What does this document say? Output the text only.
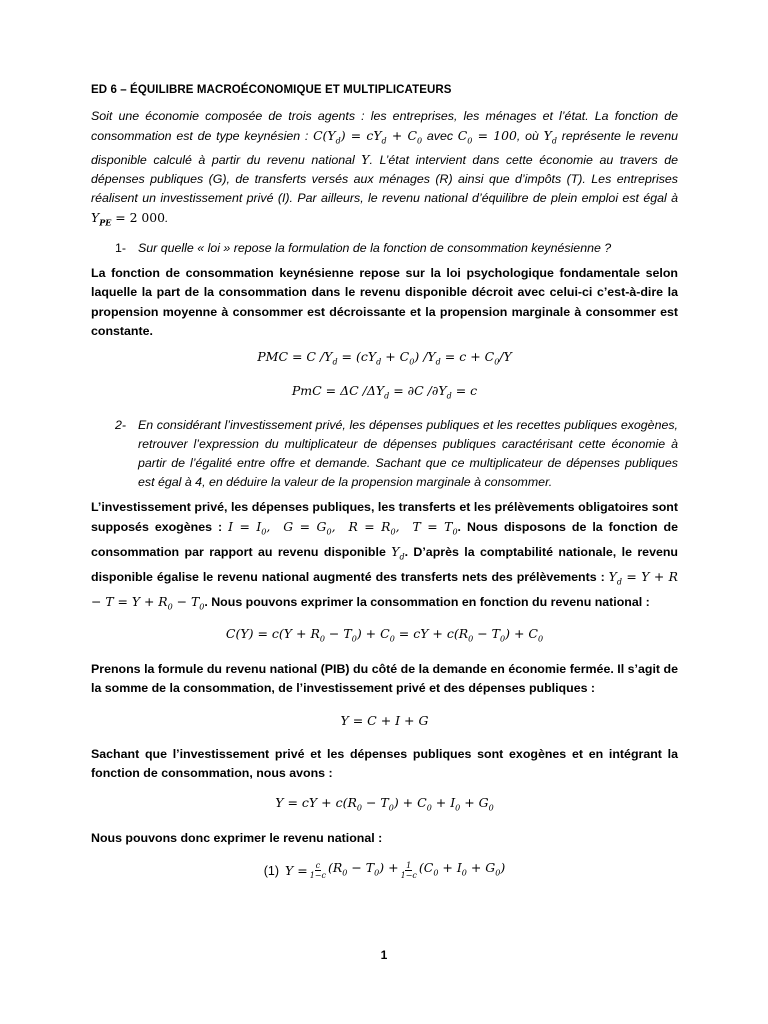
ED 6 – ÉQUILIBRE MACROÉCONOMIQUE ET MULTIPLICATEURS

Soit une économie composée de trois agents : les entreprises, les ménages et l’état. La fonction de consommation est de type keynésien : $C(Y_d) = cY_d + C_0$ avec $C_0 = 100$, où $Y_d$ représente le revenu disponible calculé à partir du revenu national Y. L’état intervient dans cette économie au travers de dépenses publiques (G), de transferts versés aux ménages (R) ainsi que d’impôts (T). Les entreprises réalisent un investissement privé (I). Par ailleurs, le revenu national d’équilibre de plein emploi est égal à $Y_{PE} = 2$ 000.

1- Sur quelle « loi » repose la formulation de la fonction de consommation keynésienne ?

La fonction de consommation keynésienne repose sur la loi psychologique fondamentale selon laquelle la part de la consommation dans le revenu disponible décroit avec celui-ci c’est-à-dire la propension moyenne à consommer est décroissante et la propension marginale à consommer est constante.

PMC = C $/Y_d = (cY_d + C_0) /Y_d = c + C_0/Y$
PmC = ΔC $/\Delta Y_d = \partial C$ $/\partial Y_d = c$
2- En considérant l’investissement privé, les dépenses publiques et les recettes publiques exogènes, retrouver l’expression du multiplicateur de dépenses publiques caractérisant cette économie à partir de l’égalité entre offre et demande. Sachant que ce multiplicateur de dépenses publiques est égal à 4, en déduire la valeur de la propension marginale à consommer.

L’investissement privé, les dépenses publiques, les transferts et les prélèvements obligatoires sont supposés exogènes : $I = I_0$,  $G = G_0$,  $R = R_0$,  $T = T_0$. Nous disposons de la fonction de consommation par rapport au revenu disponible $Y_d$. D’après la comptabilité nationale, le revenu disponible égalise le revenu national augmenté des transferts nets des prélèvements : $Y_d = Y + R - T = Y + R_0 - T_0$. Nous pouvons exprimer la consommation en fonction du revenu national :

$C(Y) = c(Y + R_0 - T_0) + C_0$ = cY + $c(R_0 - T_0) + C_0$

Prenons la formule du revenu national (PIB) du côté de la demande en économie fermée. Il s’agit de la somme de la consommation, de l’investissement privé et des dépenses publiques :

Y = C + I + G

Sachant que l’investissement privé et les dépenses publiques sont exogènes et en intégrant la fonction de consommation, nous avons :

Y = cY + $c(R_0 - T_0) + C_0 + I_0 + G_0$

Nous pouvons donc exprimer le revenu national :

(1) $Y = \frac{c}{1-c} (R_0 - T_0) + \frac{1}{1-c} (C_0 + I_0 + G_0)$
1
